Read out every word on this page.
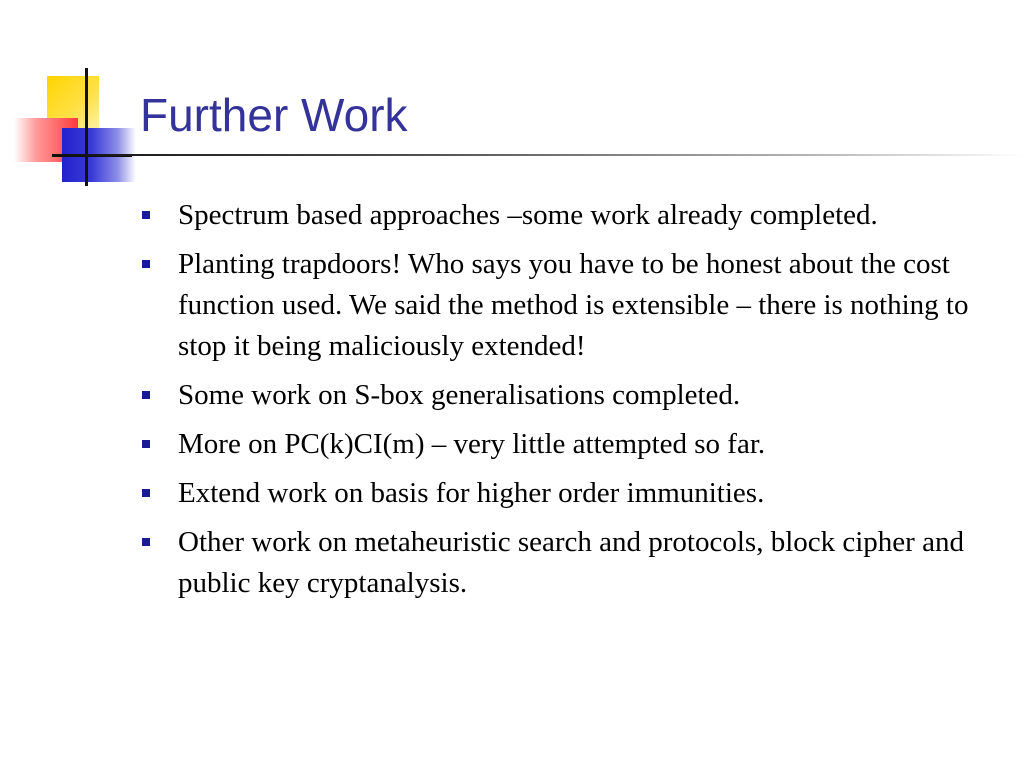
Further Work
Spectrum based approaches –some work already completed.
Planting trapdoors! Who says you have to be honest about the cost function used. We said the method is extensible – there is nothing to stop it being maliciously extended!
Some work on S-box generalisations completed.
More on PC(k)CI(m) – very little attempted so far.
Extend work on basis for higher order immunities.
Other work on metaheuristic search and protocols, block cipher and public key cryptanalysis.
